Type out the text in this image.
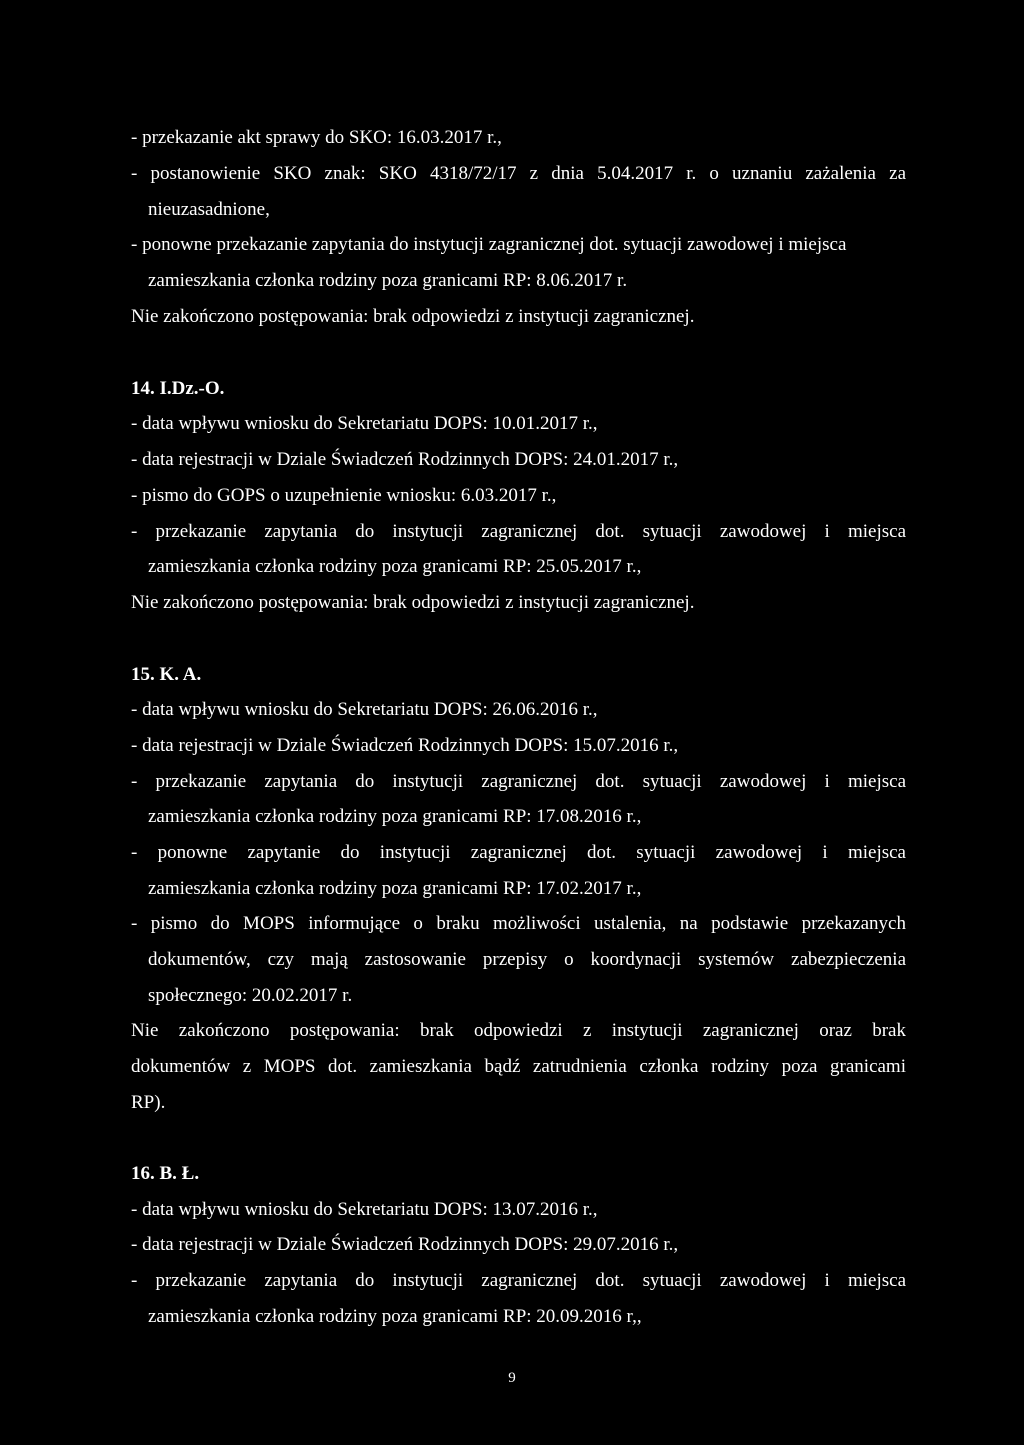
- przekazanie akt sprawy do SKO: 16.03.2017 r.,
- postanowienie SKO znak: SKO 4318/72/17 z dnia 5.04.2017 r. o uznaniu zażalenia za
nieuzasadnione,
- ponowne przekazanie zapytania do instytucji zagranicznej dot. sytuacji zawodowej i miejsca
zamieszkania członka rodziny poza granicami RP: 8.06.2017 r.
Nie zakończono postępowania: brak odpowiedzi z instytucji zagranicznej.
14. I.Dz.-O.
- data wpływu wniosku do Sekretariatu DOPS: 10.01.2017 r.,
- data rejestracji w Dziale Świadczeń Rodzinnych DOPS: 24.01.2017 r.,
- pismo do GOPS o uzupełnienie wniosku: 6.03.2017 r.,
- przekazanie zapytania do instytucji zagranicznej dot. sytuacji zawodowej i miejsca
zamieszkania członka rodziny poza granicami RP: 25.05.2017 r.,
Nie zakończono postępowania: brak odpowiedzi z instytucji zagranicznej.
15. K. A.
- data wpływu wniosku do Sekretariatu DOPS: 26.06.2016 r.,
- data rejestracji w Dziale Świadczeń Rodzinnych DOPS: 15.07.2016 r.,
- przekazanie zapytania do instytucji zagranicznej dot. sytuacji zawodowej i miejsca
zamieszkania członka rodziny poza granicami RP: 17.08.2016 r.,
- ponowne zapytanie do instytucji zagranicznej dot. sytuacji zawodowej i miejsca
zamieszkania członka rodziny poza granicami RP: 17.02.2017 r.,
- pismo do MOPS informujące o braku możliwości ustalenia, na podstawie przekazanych
dokumentów, czy mają zastosowanie przepisy o koordynacji systemów zabezpieczenia
społecznego: 20.02.2017 r.
Nie zakończono postępowania: brak odpowiedzi z instytucji zagranicznej oraz brak
dokumentów z MOPS dot. zamieszkania bądź zatrudnienia członka rodziny poza granicami
RP).
16. B. Ł.
- data wpływu wniosku do Sekretariatu DOPS: 13.07.2016 r.,
- data rejestracji w Dziale Świadczeń Rodzinnych DOPS: 29.07.2016 r.,
- przekazanie zapytania do instytucji zagranicznej dot. sytuacji zawodowej i miejsca
zamieszkania członka rodziny poza granicami RP: 20.09.2016 r,,
9
